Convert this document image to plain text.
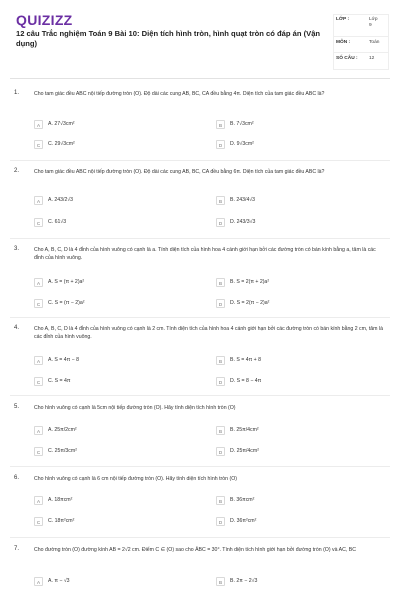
QUIZIZZ
12 câu Trắc nghiệm Toán 9 Bài 10: Diện tích hình tròn, hình quạt tròn có đáp án (Vận dụng)
LỚP :	Lớp 9
MÔN :	Toán
SỐ CÂU : 12
1.	Cho tam giác đều ABC nội tiếp đường tròn (O). Độ dài các cung AB, BC, CA đều bằng 4π. Diện tích của tam giác đều ABC là?
A	A. 27√3cm²	B	B. 7√3cm²
C	C. 29√3cm²	D	D. 9√3cm²
2.	Cho tam giác đều ABC nội tiếp đường tròn (O). Độ dài các cung AB, BC, CA đều bằng 6π. Diện tích của tam giác đều ABC là?
A	A. 243/2√3	B	B. 243/4√3
C	C. 61√3	D	D. 243/3√3
3.	Cho A, B, C, D là 4 đỉnh của hình vuông có cạnh là a. Tính diện tích của hình hoa 4 cánh giới hạn bởi các đường tròn có bán kính bằng a, tâm là các đỉnh của hình vuông.
A	A. S = (π + 2)a²	B	B. S = 2(π + 2)a²
C	C. S = (π − 2)a²	D	D. S = 2(π − 2)a²
4.	Cho A, B, C, D là 4 đỉnh của hình vuông có cạnh là 2 cm. Tính diện tích của hình hoa 4 cánh giới hạn bởi các đường tròn có bán kính bằng 2 cm, tâm là các đỉnh của hình vuông.
A	A. S = 4π − 8	B	B. S = 4π + 8
C	C. S = 4π	D	D. S = 8 − 4π
5.	Cho hình vuông có cạnh là 5cm nội tiếp đường tròn (O). Hãy tính diện tích hình tròn (O)
A	A. 25π/2cm²	B	B. 25π/4cm²
C	C. 25π/3cm²	D	D. 25π/4cm²
6.	Cho hình vuông có cạnh là 6 cm nội tiếp đường tròn (O). Hãy tính diện tích hình tròn (O)
A	A. 18πcm²	B	B. 36πcm²
C	C. 18π²cm²	D	D. 36π²cm²
7.	Cho đường tròn (O) đường kính AB = 2√2 cm. Điểm C ∈ (O) sao cho ÂBC = 30°. Tính diện tích hình giới hạn bởi đường tròn (O) và AC, BC
A	A. π − √3	B	B. 2π − 2√3
